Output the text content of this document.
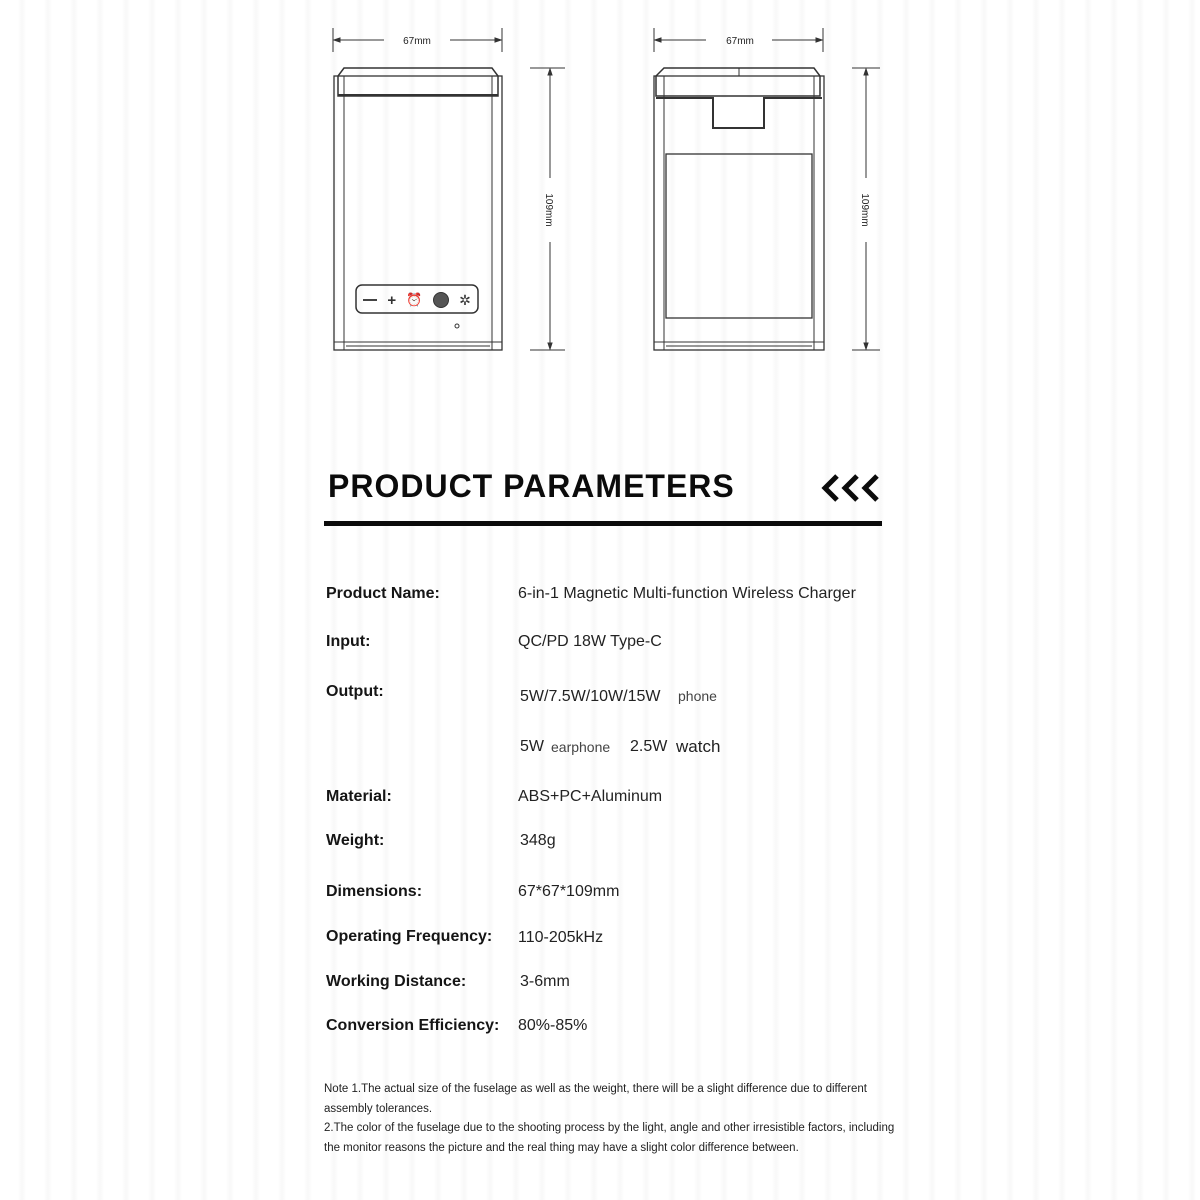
67mm
109mm
+ ⏰	✲
67mm
109mm
PRODUCT PARAMETERS
Product Name:	6-in-1 Magnetic Multi-function Wireless Charger
Input:	QC/PD 18W Type-C
Output:	5W/7.5W/10W/15W phone
5W earphone 2.5W watch
Material:	ABS+PC+Aluminum
Weight:	348g
Dimensions:	67*67*109mm
Operating Frequency: 110-205kHz
Working Distance:	3-6mm
Conversion Efficiency: 80%-85%

Note 1.The actual size of the fuselage as well as the weight, there will be a slight difference due to different assembly tolerances.

2.The color of the fuselage due to the shooting process by the light, angle and other irresistible factors, including the monitor reasons the picture and the real thing may have a slight color difference between.
